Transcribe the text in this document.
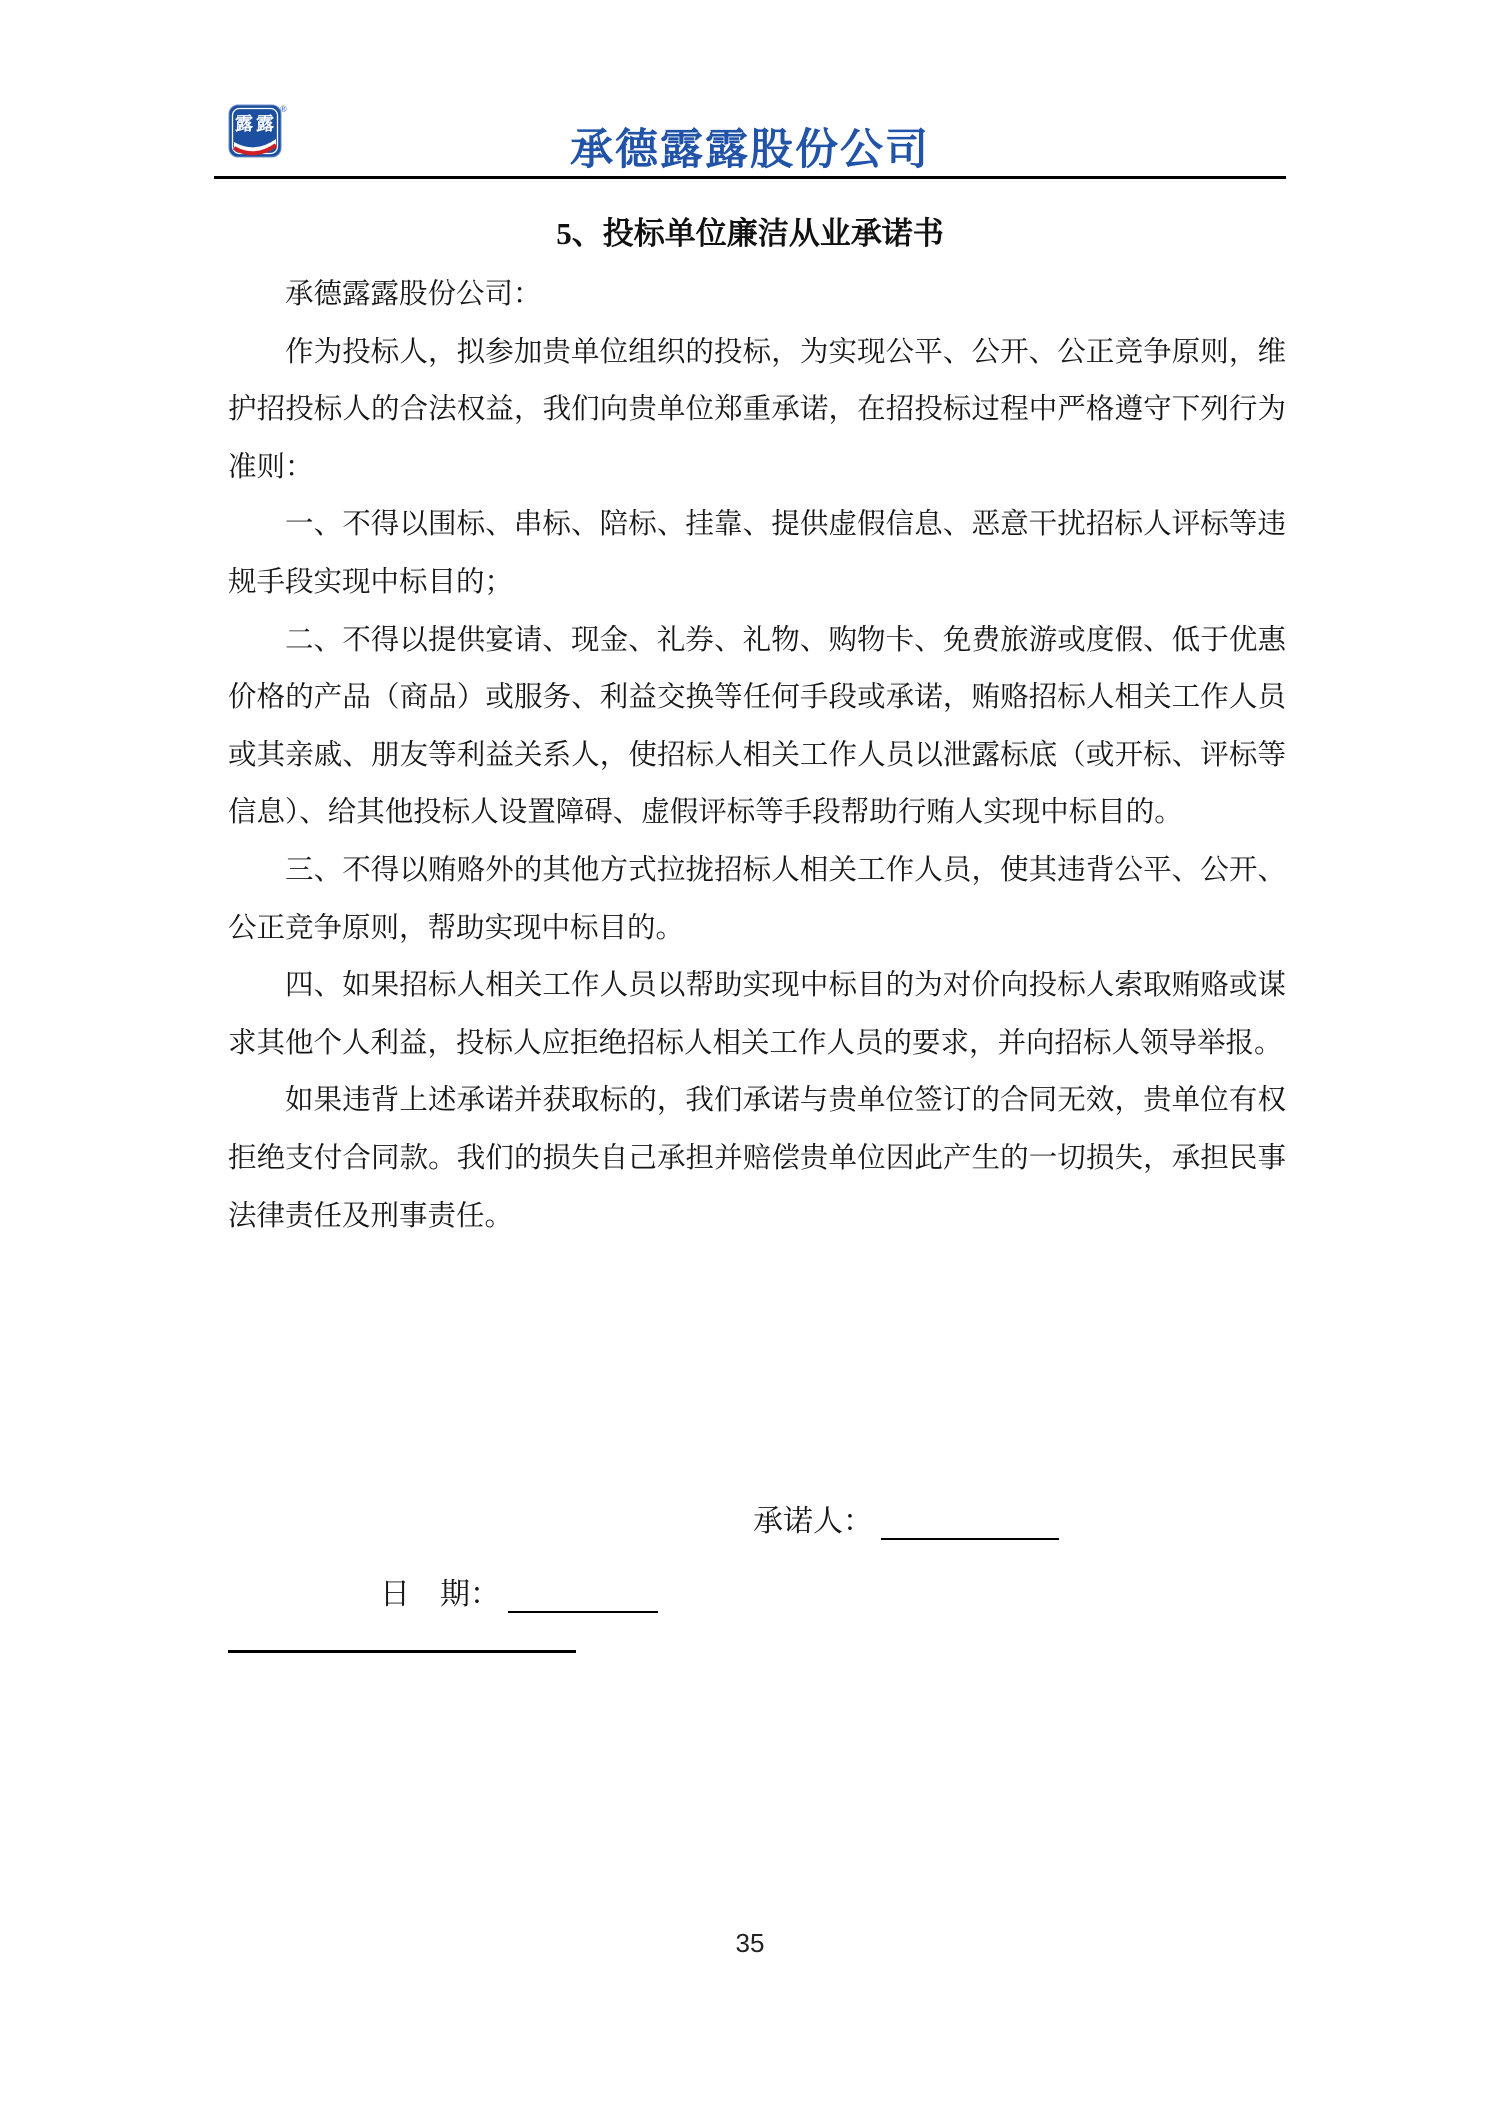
露 露
®
承德露露股份公司
5、投标单位廉洁从业承诺书

承德露露股份公司：

作为投标人，拟参加贵单位组织的投标，为实现公平、公开、公正竞争原则，维护招投标人的合法权益，我们向贵单位郑重承诺，在招投标过程中严格遵守下列行为准则：

一、不得以围标、串标、陪标、挂靠、提供虚假信息、恶意干扰招标人评标等违规手段实现中标目的；

二、不得以提供宴请、现金、礼券、礼物、购物卡、免费旅游或度假、低于优惠价格的产品（商品）或服务、利益交换等任何手段或承诺，贿赂招标人相关工作人员或其亲戚、朋友等利益关系人，使招标人相关工作人员以泄露标底（或开标、评标等信息）、给其他投标人设置障碍、虚假评标等手段帮助行贿人实现中标目的。

三、不得以贿赂外的其他方式拉拢招标人相关工作人员，使其违背公平、公开、公正竞争原则，帮助实现中标目的。

四、如果招标人相关工作人员以帮助实现中标目的为对价向投标人索取贿赂或谋求其他个人利益，投标人应拒绝招标人相关工作人员的要求，并向招标人领导举报。

如果违背上述承诺并获取标的，我们承诺与贵单位签订的合同无效，贵单位有权拒绝支付合同款。我们的损失自己承担并赔偿贵单位因此产生的一切损失，承担民事法律责任及刑事责任。

承诺人：
日　期：
35
